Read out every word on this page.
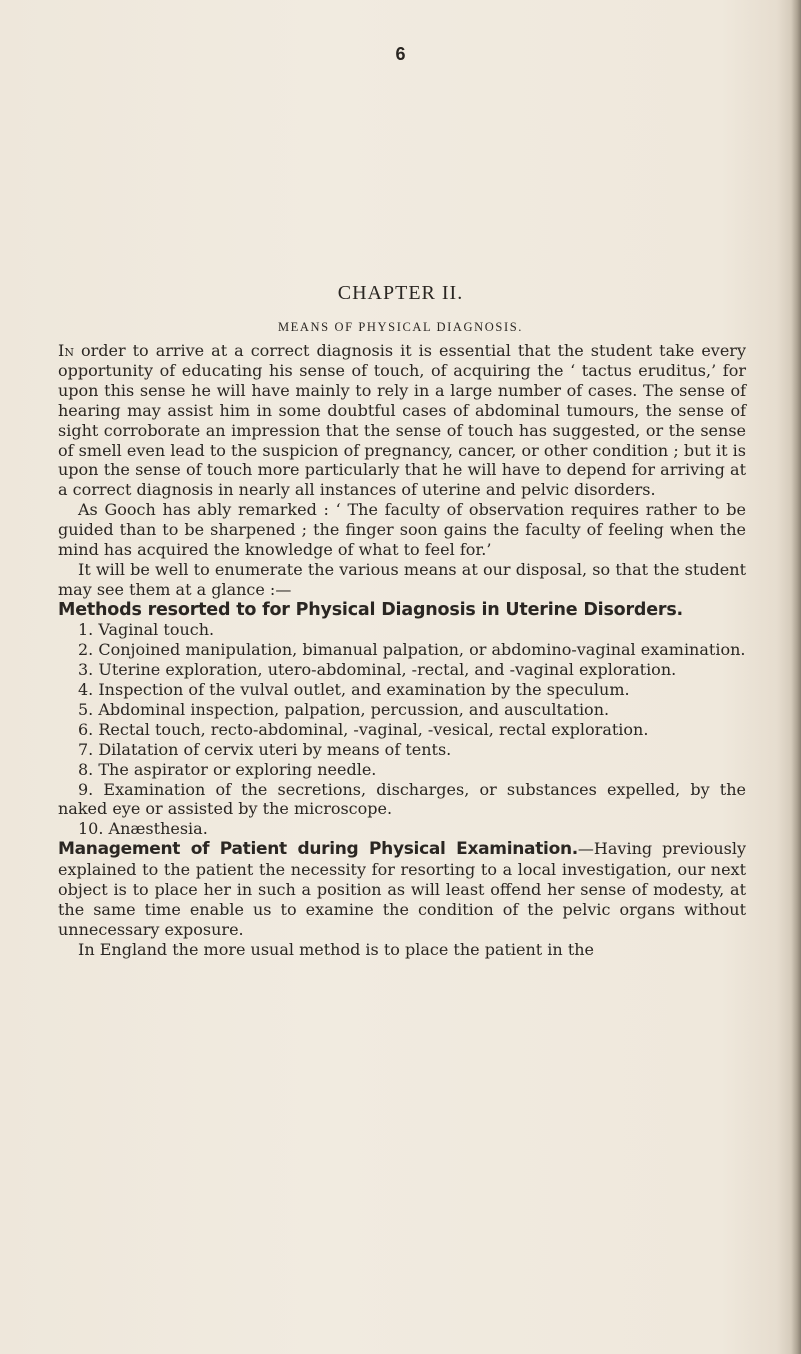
6
CHAPTER II.
MEANS OF PHYSICAL DIAGNOSIS.

In order to arrive at a correct diagnosis it is essential that the student take every opportunity of educating his sense of touch, of acquiring the ‘ tactus eruditus,’ for upon this sense he will have mainly to rely in a large number of cases. The sense of hearing may assist him in some doubtful cases of abdominal tumours, the sense of sight corroborate an impression that the sense of touch has suggested, or the sense of smell even lead to the suspicion of pregnancy, cancer, or other condition ; but it is upon the sense of touch more particularly that he will have to depend for arriving at a correct diagnosis in nearly all instances of uterine and pelvic disorders.

As Gooch has ably remarked : ‘ The faculty of observation requires rather to be guided than to be sharpened ; the finger soon gains the faculty of feeling when the mind has acquired the knowledge of what to feel for.’

It will be well to enumerate the various means at our disposal, so that the student may see them at a glance :—

Methods resorted to for Physical Diagnosis in Uterine Disorders.

1. Vaginal touch.

2. Conjoined manipulation, bimanual palpation, or abdomino-vaginal examination.

3. Uterine exploration, utero-abdominal, -rectal, and -vaginal exploration.

4. Inspection of the vulval outlet, and examination by the speculum.

5. Abdominal inspection, palpation, percussion, and auscultation.

6. Rectal touch, recto-abdominal, -vaginal, -vesical, rectal exploration.

7. Dilatation of cervix uteri by means of tents.

8. The aspirator or exploring needle.

9. Examination of the secretions, discharges, or substances expelled, by the naked eye or assisted by the microscope.

10. Anæsthesia.

Management of Patient during Physical Examination.—Having previously explained to the patient the necessity for resorting to a local investigation, our next object is to place her in such a position as will least offend her sense of modesty, at the same time enable us to examine the condition of the pelvic organs without unnecessary exposure.

In England the more usual method is to place the patient in the
